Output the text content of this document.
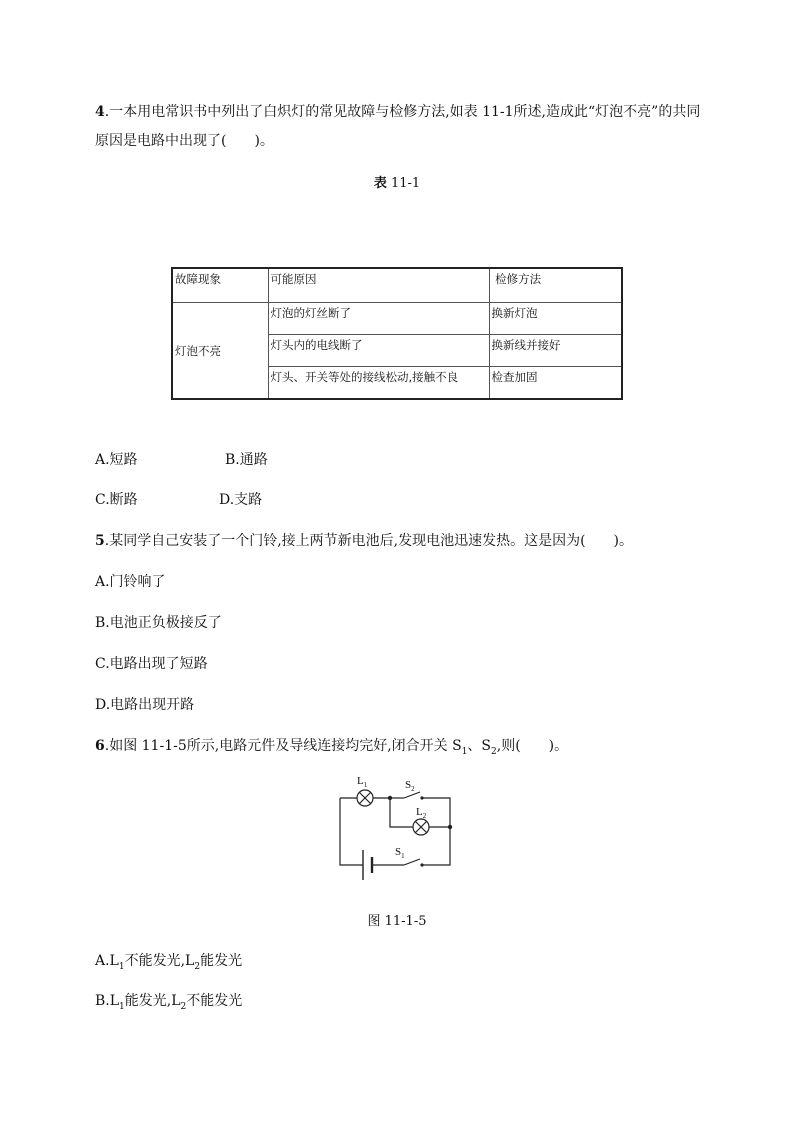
4.一本用电常识书中列出了白炽灯的常见故障与检修方法,如表 11-1所述,造成此“灯泡不亮”的共同
原因是电路中出现了(　　)。
表 11-1
故障现象	可能原因	检修方法
灯泡不亮	灯泡的灯丝断了	换新灯泡
	灯头内的电线断了	换新线并接好
	灯头、开关等处的接线松动,接触不良	检查加固
A.短路	B.通路
C.断路	D.支路
5.某同学自己安装了一个门铃,接上两节新电池后,发现电池迅速发热。这是因为(　　)。
A.门铃响了
B.电池正负极接反了
C.电路出现了短路
D.电路出现开路
6.如图 11-1-5所示,电路元件及导线连接均完好,闭合开关 $S_1$、$S_2$,则(　　)。
$L_1$	$S_2$
$L_2$
$S_1$
图 11-1-5
$A.L_1$不能发光$,L_2$能发光
$B.L_1$能发光$,L_2$不能发光
